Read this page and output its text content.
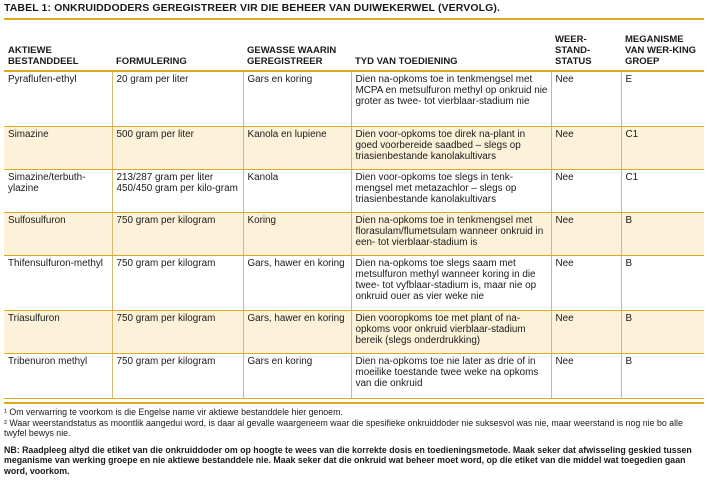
TABEL 1: ONKRUIDDODERS GEREGISTREER VIR DIE BEHEER VAN DUIWEKERWEL (VERVOLG).
AKTIEWE BESTANDDEEL	FORMULERING	GEWASSE WAARIN GEREGISTREER	TYD VAN TOEDIENING	WEER-STAND-STATUS	MEGANISME VAN WER-KING GROEP
Pyraflufen-ethyl	20 gram per liter	Gars en koring	Dien na-opkoms toe in tenkmengsel met MCPA en metsulfuron methyl op onkruid nie groter as twee- tot vierblaar-stadium nie	Nee	E
Simazine	500 gram per liter	Kanola en lupiene	Dien voor-opkoms toe direk na-plant in goed voorbereide saadbed – slegs op triasienbestande kanolakultivars	Nee	C1
Simazine/terbuth-ylazine	213/287 gram per liter 450/450 gram per kilo-gram	Kanola	Dien voor-opkoms toe slegs in tenk-mengsel met metazachlor – slegs op triasienbestande kanolakultivars	Nee	C1
Sulfosulfuron	750 gram per kilogram	Koring	Dien na-opkoms toe in tenkmengsel met florasulam/flumetsulam wanneer onkruid in een- tot vierblaar-stadium is	Nee	B
Thifensulfuron-methyl	750 gram per kilogram	Gars, hawer en koring	Dien na-opkoms toe slegs saam met metsulfuron methyl wanneer koring in die twee- tot vyfblaar-stadium is, maar nie op onkruid ouer as vier weke nie	Nee	B
Triasulfuron	750 gram per kilogram	Gars, hawer en koring	Dien vooropkoms toe met plant of na-opkoms voor onkruid vierblaar-stadium bereik (slegs onderdrukking)	Nee	B
Tribenuron methyl	750 gram per kilogram	Gars en koring	Dien na-opkoms toe nie later as drie of in moeilike toestande twee weke na opkoms van die onkruid	Nee	B
¹ Om verwarring te voorkom is die Engelse name vir aktiewe bestanddele hier genoem.
² Waar weerstandstatus as moontlik aangedui word, is daar al gevalle waargeneem waar die spesifieke onkruiddoder nie suksesvol was nie, maar weerstand is nog nie bo alle twyfel bewys nie.
NB: Raadpleeg altyd die etiket van die onkruiddoder om op hoogte te wees van die korrekte dosis en toedieningsmetode. Maak seker dat afwisseling geskied tussen meganisme van werking groepe en nie aktiewe bestanddele nie. Maak seker dat die onkruid wat beheer moet word, op die etiket van die middel wat toegedien gaan word, voorkom.
